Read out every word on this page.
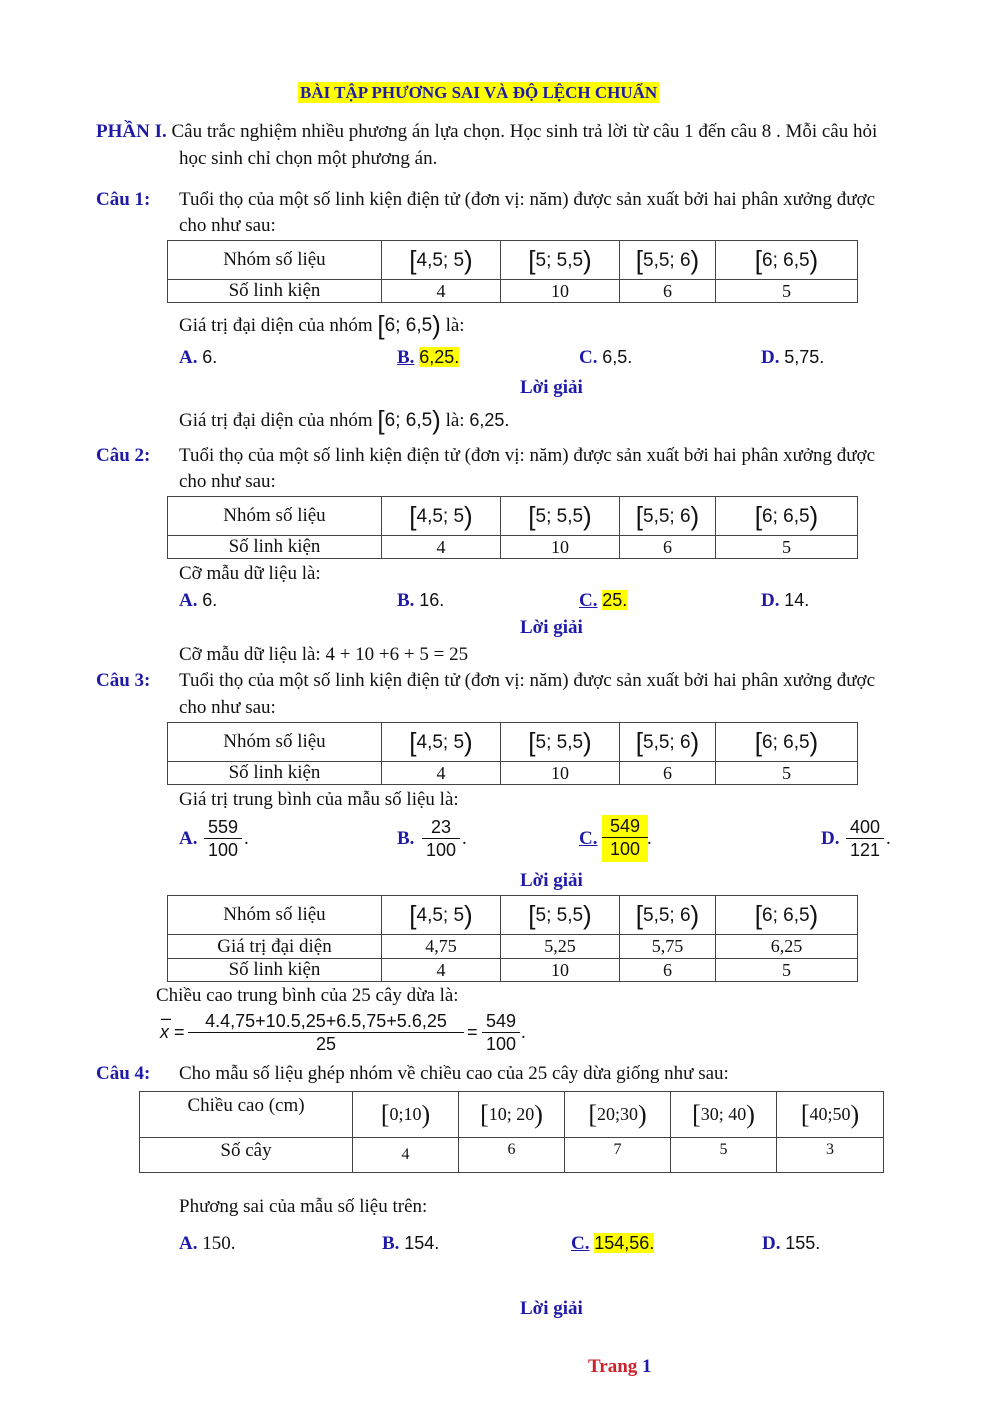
BÀI TẬP PHƯƠNG SAI VÀ ĐỘ LỆCH CHUẨN
PHẦN I. Câu trắc nghiệm nhiều phương án lựa chọn. Học sinh trả lời từ câu 1 đến câu 8 . Mỗi câu hỏi
học sinh chỉ chọn một phương án.
Câu 1: Tuổi thọ của một số linh kiện điện tử (đơn vị: năm) được sản xuất bởi hai phân xưởng được
cho như sau:
Nhóm số liệu	[4,5; 5)	[5; 5,5)	[5,5; 6)	[6; 6,5)
Số linh kiện	4	10	6	5
Giá trị đại diện của nhóm [6; 6,5) là:
A. 6.	B. 6,25.	C. 6,5.	D. 5,75.
Lời giải
Giá trị đại diện của nhóm [6; 6,5) là: 6,25.
Câu 2: Tuổi thọ của một số linh kiện điện tử (đơn vị: năm) được sản xuất bởi hai phân xưởng được
cho như sau:
Nhóm số liệu	[4,5; 5)	[5; 5,5)	[5,5; 6)	[6; 6,5)
Số linh kiện	4	10	6	5
Cỡ mẫu dữ liệu là:
A. 6.	B. 16.	C. 25.	D. 14.
Lời giải
Cỡ mẫu dữ liệu là: 4 + 10 +6 + 5 = 25
Câu 3: Tuổi thọ của một số linh kiện điện tử (đơn vị: năm) được sản xuất bởi hai phân xưởng được
cho như sau:
Nhóm số liệu	[4,5; 5)	[5; 5,5)	[5,5; 6)	[6; 6,5)
Số linh kiện	4	10	6	5
Giá trị trung bình của mẫu số liệu là:
A. $\frac{559}{100}$ .	B. $\frac{23}{100}$ .	C. $\frac{549}{100}$ .	D. $\frac{400}{121}$ .
Lời giải
Nhóm số liệu	[4,5; 5)	[5; 5,5)	[5,5; 6)	[6; 6,5)
Giá trị đại diện	4,75	5,25	5,75	6,25
Số linh kiện	4	10	6	5
Chiều cao trung bình của 25 cây dừa là:
–
$x = \frac{4.4,75+10.5,25+6.5,75+5.6,25}{25} = \frac{549}{100}$ .
Câu 4: Cho mẫu số liệu ghép nhóm về chiều cao của 25 cây dừa giống như sau:
Chiều cao (cm)	[0;10)	[10; 20)	[20;30)	[30; 40)	[40;50)
Số cây	4	6	7	5	3
Phương sai của mẫu số liệu trên:
A. 150.	B. 154.	C. 154,56.	D. 155.
Lời giải
Trang 1
